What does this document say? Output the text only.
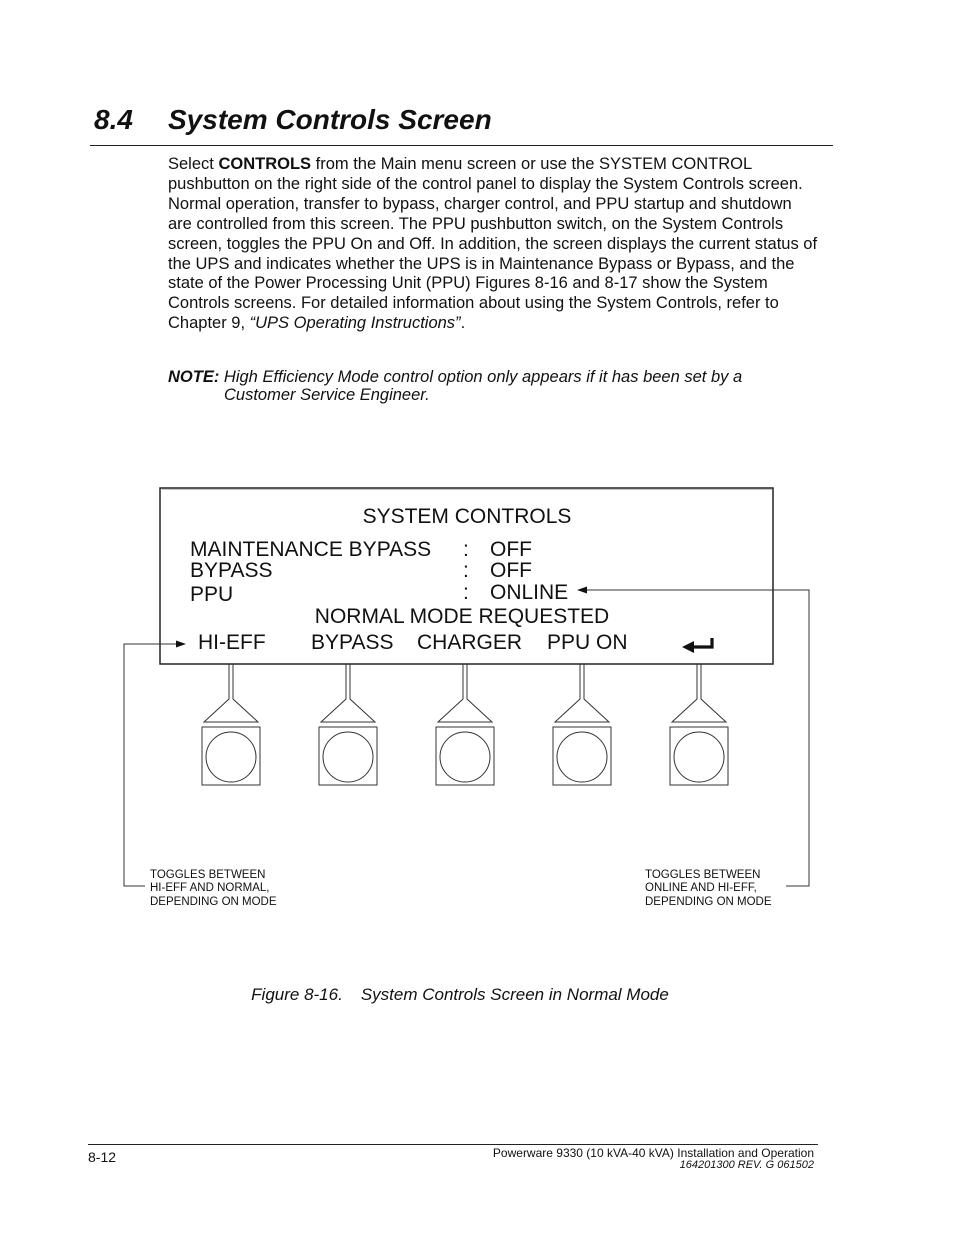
8.4 System Controls Screen
Select CONTROLS from the Main menu screen or use the SYSTEM CONTROL pushbutton on the right side of the control panel to display the System Controls screen. Normal operation, transfer to bypass, charger control, and PPU startup and shutdown are controlled from this screen. The PPU pushbutton switch, on the System Controls screen, toggles the PPU On and Off. In addition, the screen displays the current status of the UPS and indicates whether the UPS is in Maintenance Bypass or Bypass, and the state of the Power Processing Unit (PPU) Figures 8‑16 and 8‑17 show the System Controls screens. For detailed information about using the System Controls, refer to Chapter 9, “UPS Operating Instructions”.
NOTE: High Efficiency Mode control option only appears if it has been set by a
Customer Service Engineer.
SYSTEM CONTROLS
MAINTENANCE BYPASS : OFF
BYPASS	: OFF
PPU	: ONLINE
NORMAL MODE REQUESTED
HI-EFF BYPASS CHARGER PPU ON
TOGGLES BETWEEN
HI-EFF AND NORMAL,
DEPENDING ON MODE
TOGGLES BETWEEN
ONLINE AND HI-EFF,
DEPENDING ON MODE
Figure 8‑16. System Controls Screen in Normal Mode
8‑12	Powerware 9330 (10 kVA‑40 kVA) Installation and Operation
164201300 REV. G 061502
